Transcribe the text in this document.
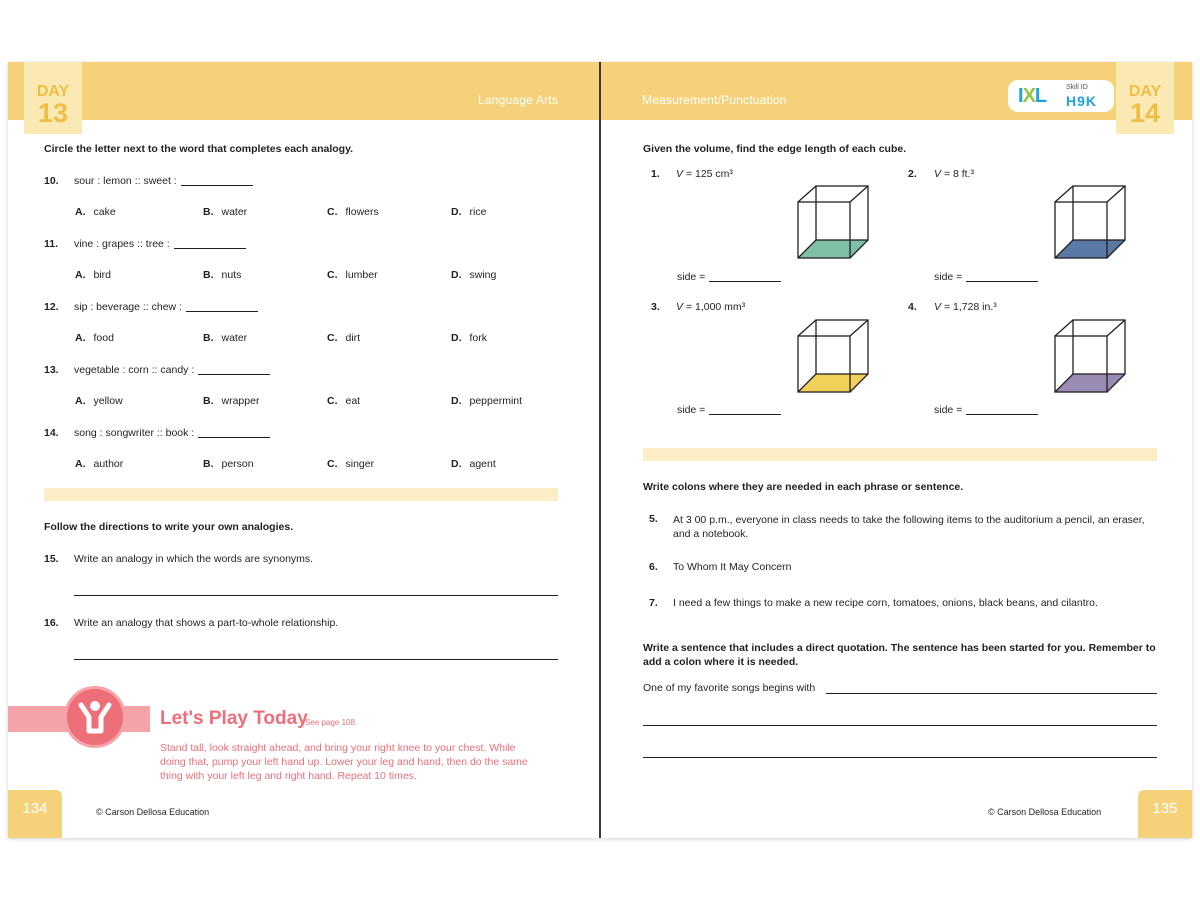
DAY
13	Language Arts
Circle the letter next to the word that completes each analogy.
10. sour : lemon :: sweet :
A. cake	B. water	C. flowers	D. rice
11. vine : grapes :: tree :
A. bird	B. nuts	C. lumber	D. swing
12. sip : beverage :: chew :
A. food	B. water	C. dirt	D. fork
13. vegetable : corn :: candy :
A. yellow	B. wrapper	C. eat	D. peppermint
14. song : songwriter :: book :
A. author	B. person	C. singer	D. agent
Follow the directions to write your own analogies.
15. Write an analogy in which the words are synonyms.
16. Write an analogy that shows a part-to-whole relationship.
Let's Play Today
*See page 108.
Stand tall, look straight ahead, and bring your right knee to your chest. While doing that, pump your left hand up. Lower your leg and hand, then do the same thing with your left leg and right hand. Repeat 10 times.
134	© Carson Dellosa Education
Measurement/Punctuation	IXL	Skill ID
H9K
DAY
14
Given the volume, find the edge length of each cube.
1. V = 125 cm³
side =
2. V = 8 ft.³
side =
3. V = 1,000 mm³
side =
4. V = 1,728 in.³
side =
Write colons where they are needed in each phrase or sentence.
5. At 3 00 p.m., everyone in class needs to take the following items to the auditorium a pencil, an eraser, and a notebook.
6. To Whom It May Concern
7. I need a few things to make a new recipe corn, tomatoes, onions, black beans, and cilantro.
Write a sentence that includes a direct quotation. The sentence has been started for you. Remember to add a colon where it is needed.
One of my favorite songs begins with
© Carson Dellosa Education	135
